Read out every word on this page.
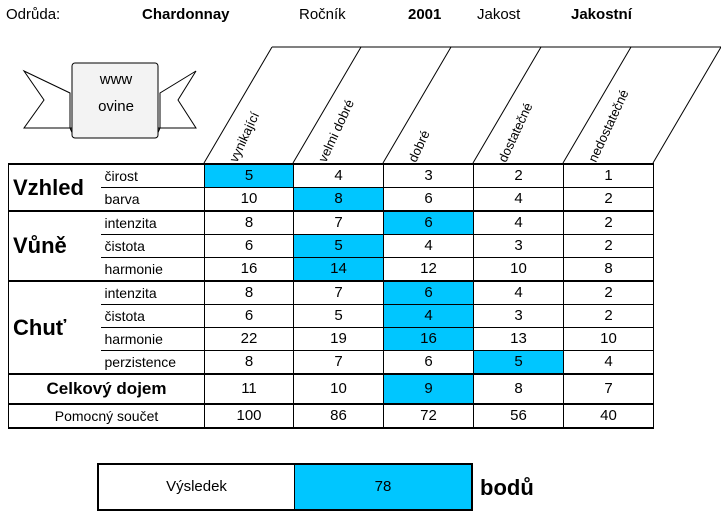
Odrůda:	Chardonnay	Ročník	2001 Jakost	Jakostní
www
ovine
vynikající	velmi dobré	dobré	dostatečné	nedostatečné
Vzhled	čirost	5	4	3	2	1
	barva	10	8	6	4	2
Vůně	intenzita	8	7	6	4	2
	čistota	6	5	4	3	2
	harmonie	16	14	12	10	8
Chuť	intenzita	8	7	6	4	2
	čistota	6	5	4	3	2
	harmonie	22	19	16	13	10
	perzistence	8	7	6	5	4
Celkový dojem		11	10	9	8	7
Pomocný součet		100	86	72	56	40
Výsledek	78	bodů
